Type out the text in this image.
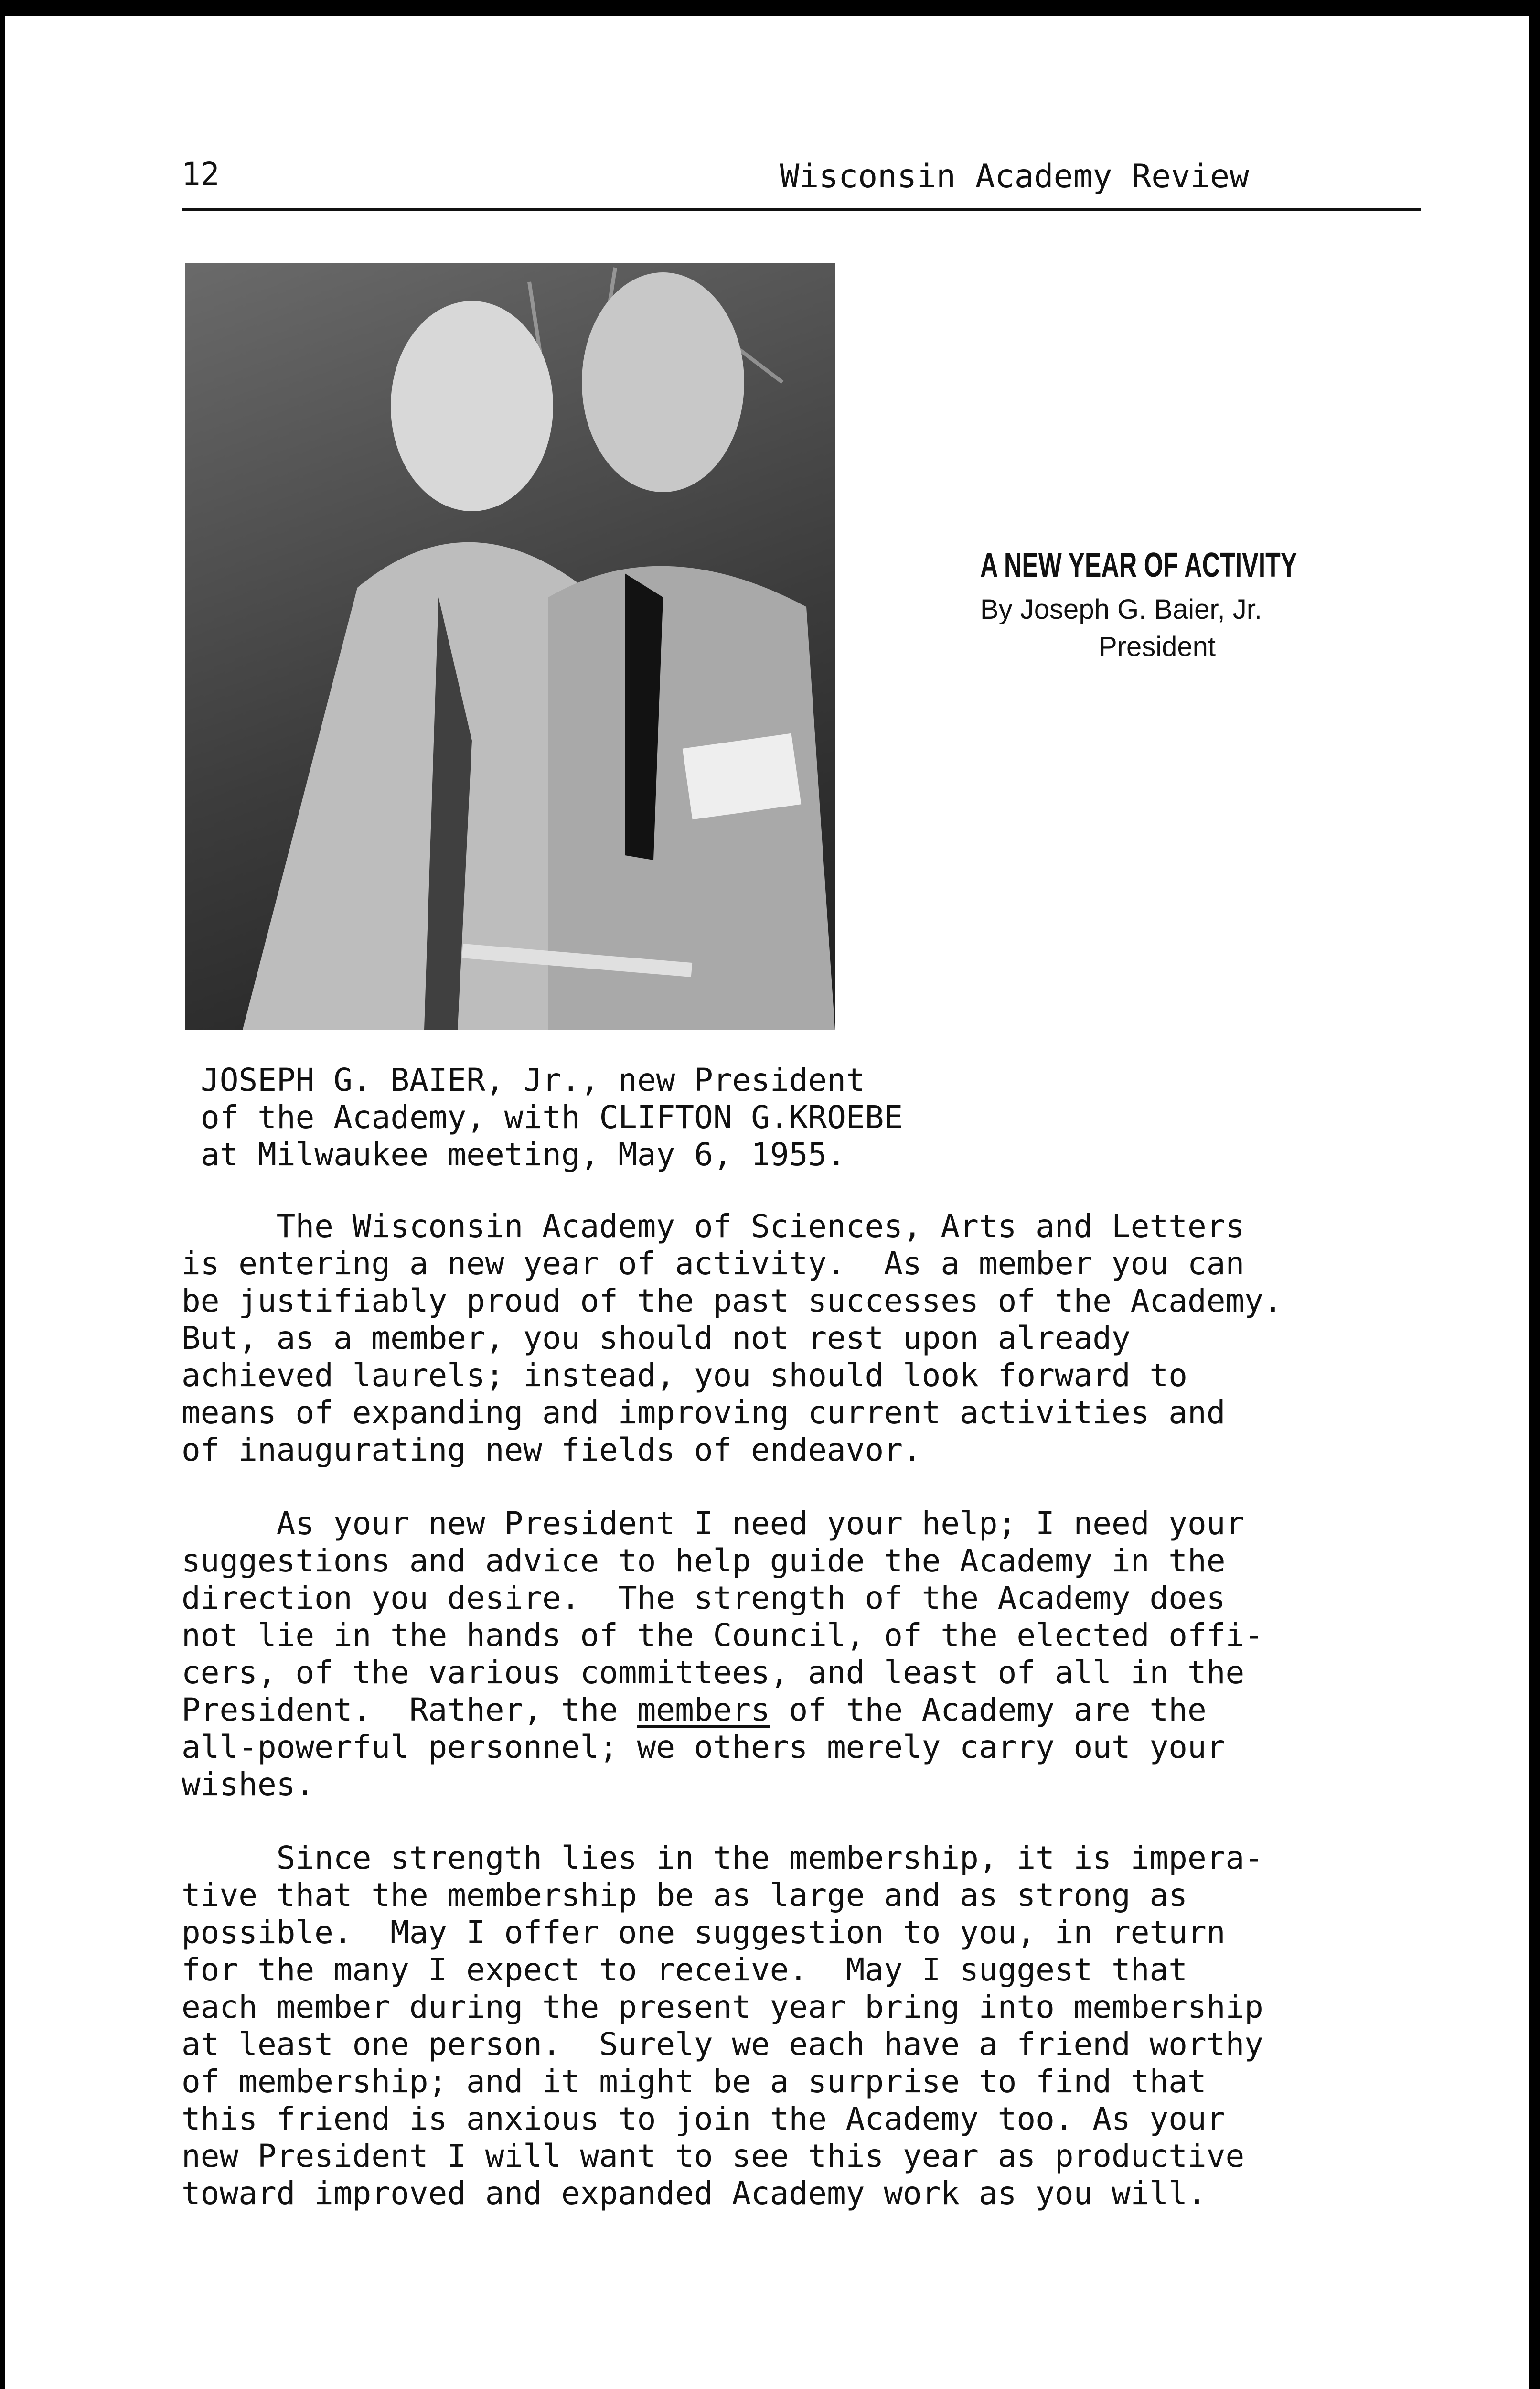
12	Wisconsin Academy Review
A NEW YEAR OF ACTIVITY
By Joseph G. Baier, Jr.
President
JOSEPH G. BAIER, Jr., new President
of the Academy, with CLIFTON G.KROEBE
at Milwaukee meeting, May 6, 1955.
The Wisconsin Academy of Sciences, Arts and Letters
is entering a new year of activity.  As a member you can
be justifiably proud of the past successes of the Academy.
But, as a member, you should not rest upon already
achieved laurels; instead, you should look forward to
means of expanding and improving current activities and
of inaugurating new fields of endeavor.
As your new President I need your help; I need your
suggestions and advice to help guide the Academy in the
direction you desire.  The strength of the Academy does
not lie in the hands of the Council, of the elected offi-
cers, of the various committees, and least of all in the
President.  Rather, the members of the Academy are the
all-powerful personnel; we others merely carry out your
wishes.
Since strength lies in the membership, it is impera-
tive that the membership be as large and as strong as
possible.  May I offer one suggestion to you, in return
for the many I expect to receive.  May I suggest that
each member during the present year bring into membership
at least one person.  Surely we each have a friend worthy
of membership; and it might be a surprise to find that
this friend is anxious to join the Academy too. As your
new President I will want to see this year as productive
toward improved and expanded Academy work as you will.
